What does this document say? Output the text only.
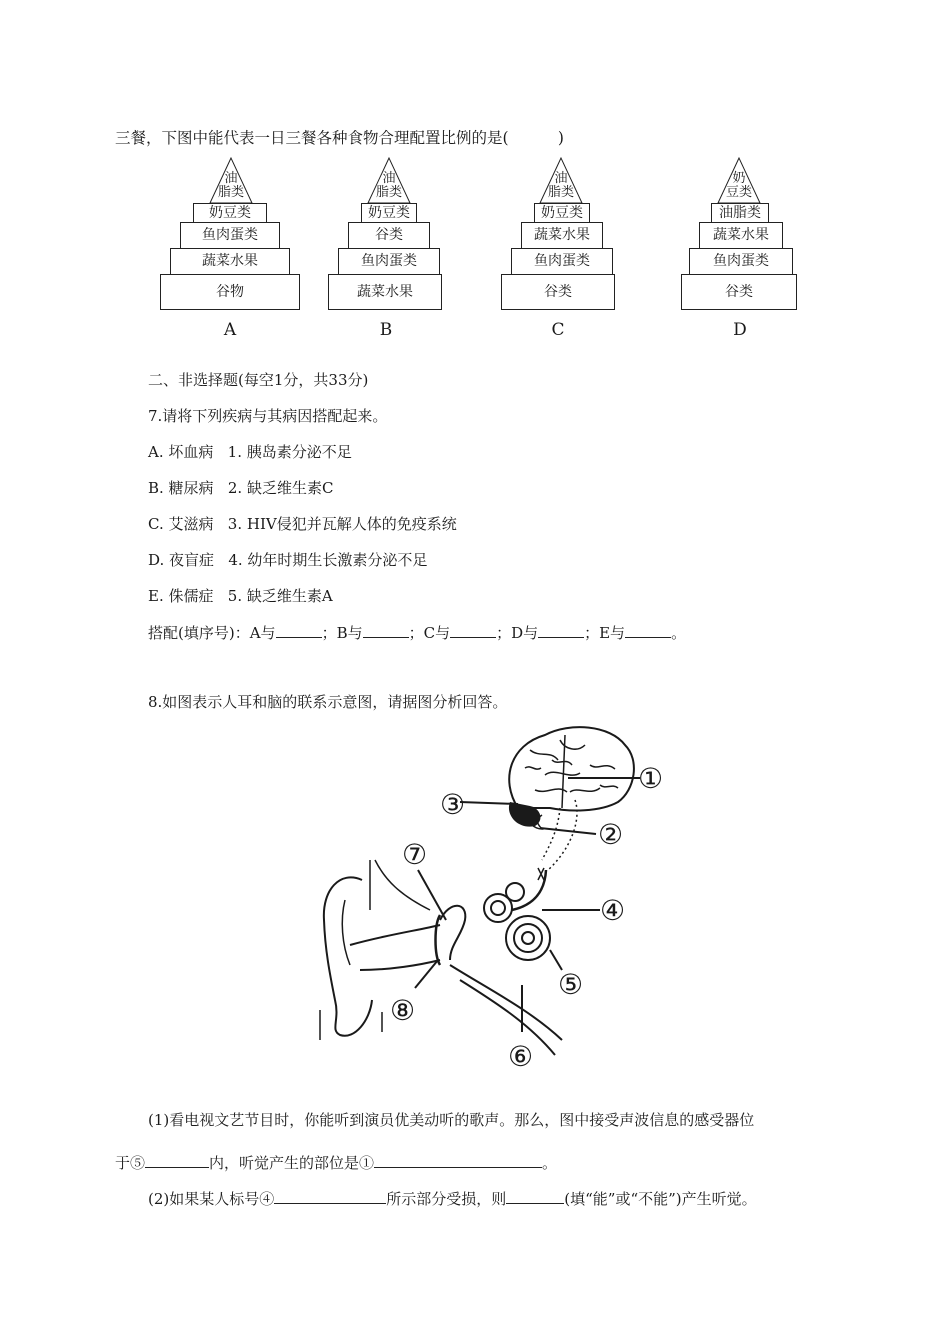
三餐，下图中能代表一日三餐各种食物合理配置比例的是(          )
油
脂类
奶豆类
鱼肉蛋类
蔬菜水果
谷物
A
油
脂类
奶豆类
谷类
鱼肉蛋类
蔬菜水果
B
油
脂类
奶豆类
蔬菜水果
鱼肉蛋类
谷类
C
奶
豆类
油脂类
蔬菜水果
鱼肉蛋类
谷类
D
二、非选择题(每空1分，共33分)
7.请将下列疾病与其病因搭配起来。
A. 坏血病   1. 胰岛素分泌不足
B. 糖尿病   2. 缺乏维生素C
C. 艾滋病   3. HIV侵犯并瓦解人体的免疫系统
D. 夜盲症   4. 幼年时期生长激素分泌不足
E. 侏儒症   5. 缺乏维生素A
搭配(填序号)：A与	；B与	；C与	；D与	；E与	。
8.如图表示人耳和脑的联系示意图，请据图分析回答。
①
③
②
⑦
④
⑤
⑧
⑥
(1)看电视文艺节目时，你能听到演员优美动听的歌声。那么，图中接受声波信息的感受器位
于⑤	内，听觉产生的部位是①	。
(2)如果某人标号④	所示部分受损，则	(填“能”或“不能”)产生听觉。
